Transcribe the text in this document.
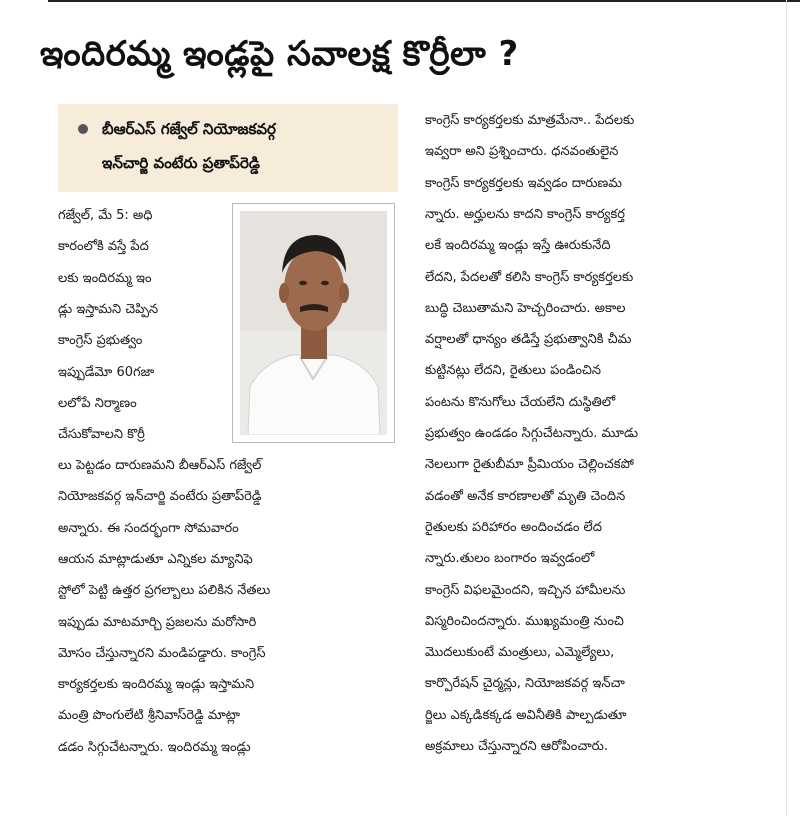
ఇందిరమ్మ ఇండ్లపై సవాలక్ష కొర్రీలా ?
బీఆర్‌ఎస్ గజ్వేల్ నియోజకవర్గ
ఇన్‌చార్జి వంటేరు ప్రతాప్‌రెడ్డి
గజ్వేల్, మే 5: అధి
కారంలోకి వస్తే పేద
లకు ఇందిరమ్మ ఇం
డ్లు ఇస్తామని చెప్పిన
కాంగ్రెస్ ప్రభుత్వం
ఇప్పుడేమో 60గజా
లలోపే నిర్మాణం
చేసుకోవాలని కొర్రీ
లు పెట్టడం దారుణమని బీఆర్‌ఎస్ గజ్వేల్
నియోజకవర్గ ఇన్‌చార్జి వంటేరు ప్రతాప్‌రెడ్డి
అన్నారు. ఈ సందర్భంగా సోమవారం
ఆయన మాట్లాడుతూ ఎన్నికల మ్యానిఫె
స్టోలో పెట్టి ఉత్తర ప్రగల్బాలు పలికిన నేతలు
ఇప్పుడు మాటమార్చి ప్రజలను మరోసారి
మోసం చేస్తున్నారని మండిపడ్డారు. కాంగ్రెస్
కార్యకర్తలకు ఇందిరమ్మ ఇండ్లు ఇస్తామని
మంత్రి పొంగులేటి శ్రీనివాస్‌రెడ్డి మాట్లా
డడం సిగ్గుచేటన్నారు. ఇందిరమ్మ ఇండ్లు
కాంగ్రెస్ కార్యకర్తలకు మాత్రమేనా.. పేదలకు
ఇవ్వరా అని ప్రశ్నించారు. ధనవంతులైన
కాంగ్రెస్ కార్యకర్తలకు ఇవ్వడం దారుణమ
న్నారు. అర్హులను కాదని కాంగ్రెస్ కార్యకర్త
లకే ఇందిరమ్మ ఇండ్లు ఇస్తే ఊరుకునేది
లేదని, పేదలతో కలిసి కాంగ్రెస్ కార్యకర్తలకు
బుద్ధి చెబుతామని హెచ్చరించారు. అకాల
వర్షాలతో ధాన్యం తడిస్తే ప్రభుత్వానికి చీమ
కుట్టినట్లు లేదని, రైతులు పండించిన
పంటను కొనుగోలు చేయలేని దుస్థితిలో
ప్రభుత్వం ఉండడం సిగ్గుచేటన్నారు. మూడు
నెలలుగా రైతుబీమా ప్రీమియం చెల్లించకపో
వడంతో అనేక కారణాలతో మృతి చెందిన
రైతులకు పరిహారం అందించడం లేద
న్నారు.తులం బంగారం ఇవ్వడంలో
కాంగ్రెస్ విఫలమైందని, ఇచ్చిన హామీలను
విస్మరించిందన్నారు. ముఖ్యమంత్రి నుంచి
మొదలుకుంటే మంత్రులు, ఎమ్మెల్యేలు,
కార్పొరేషన్ చైర్మన్లు, నియోజకవర్గ ఇన్‌చా
ర్జిలు ఎక్కడికక్కడ అవినీతికి పాల్పడుతూ
అక్రమాలు చేస్తున్నారని ఆరోపించారు.
